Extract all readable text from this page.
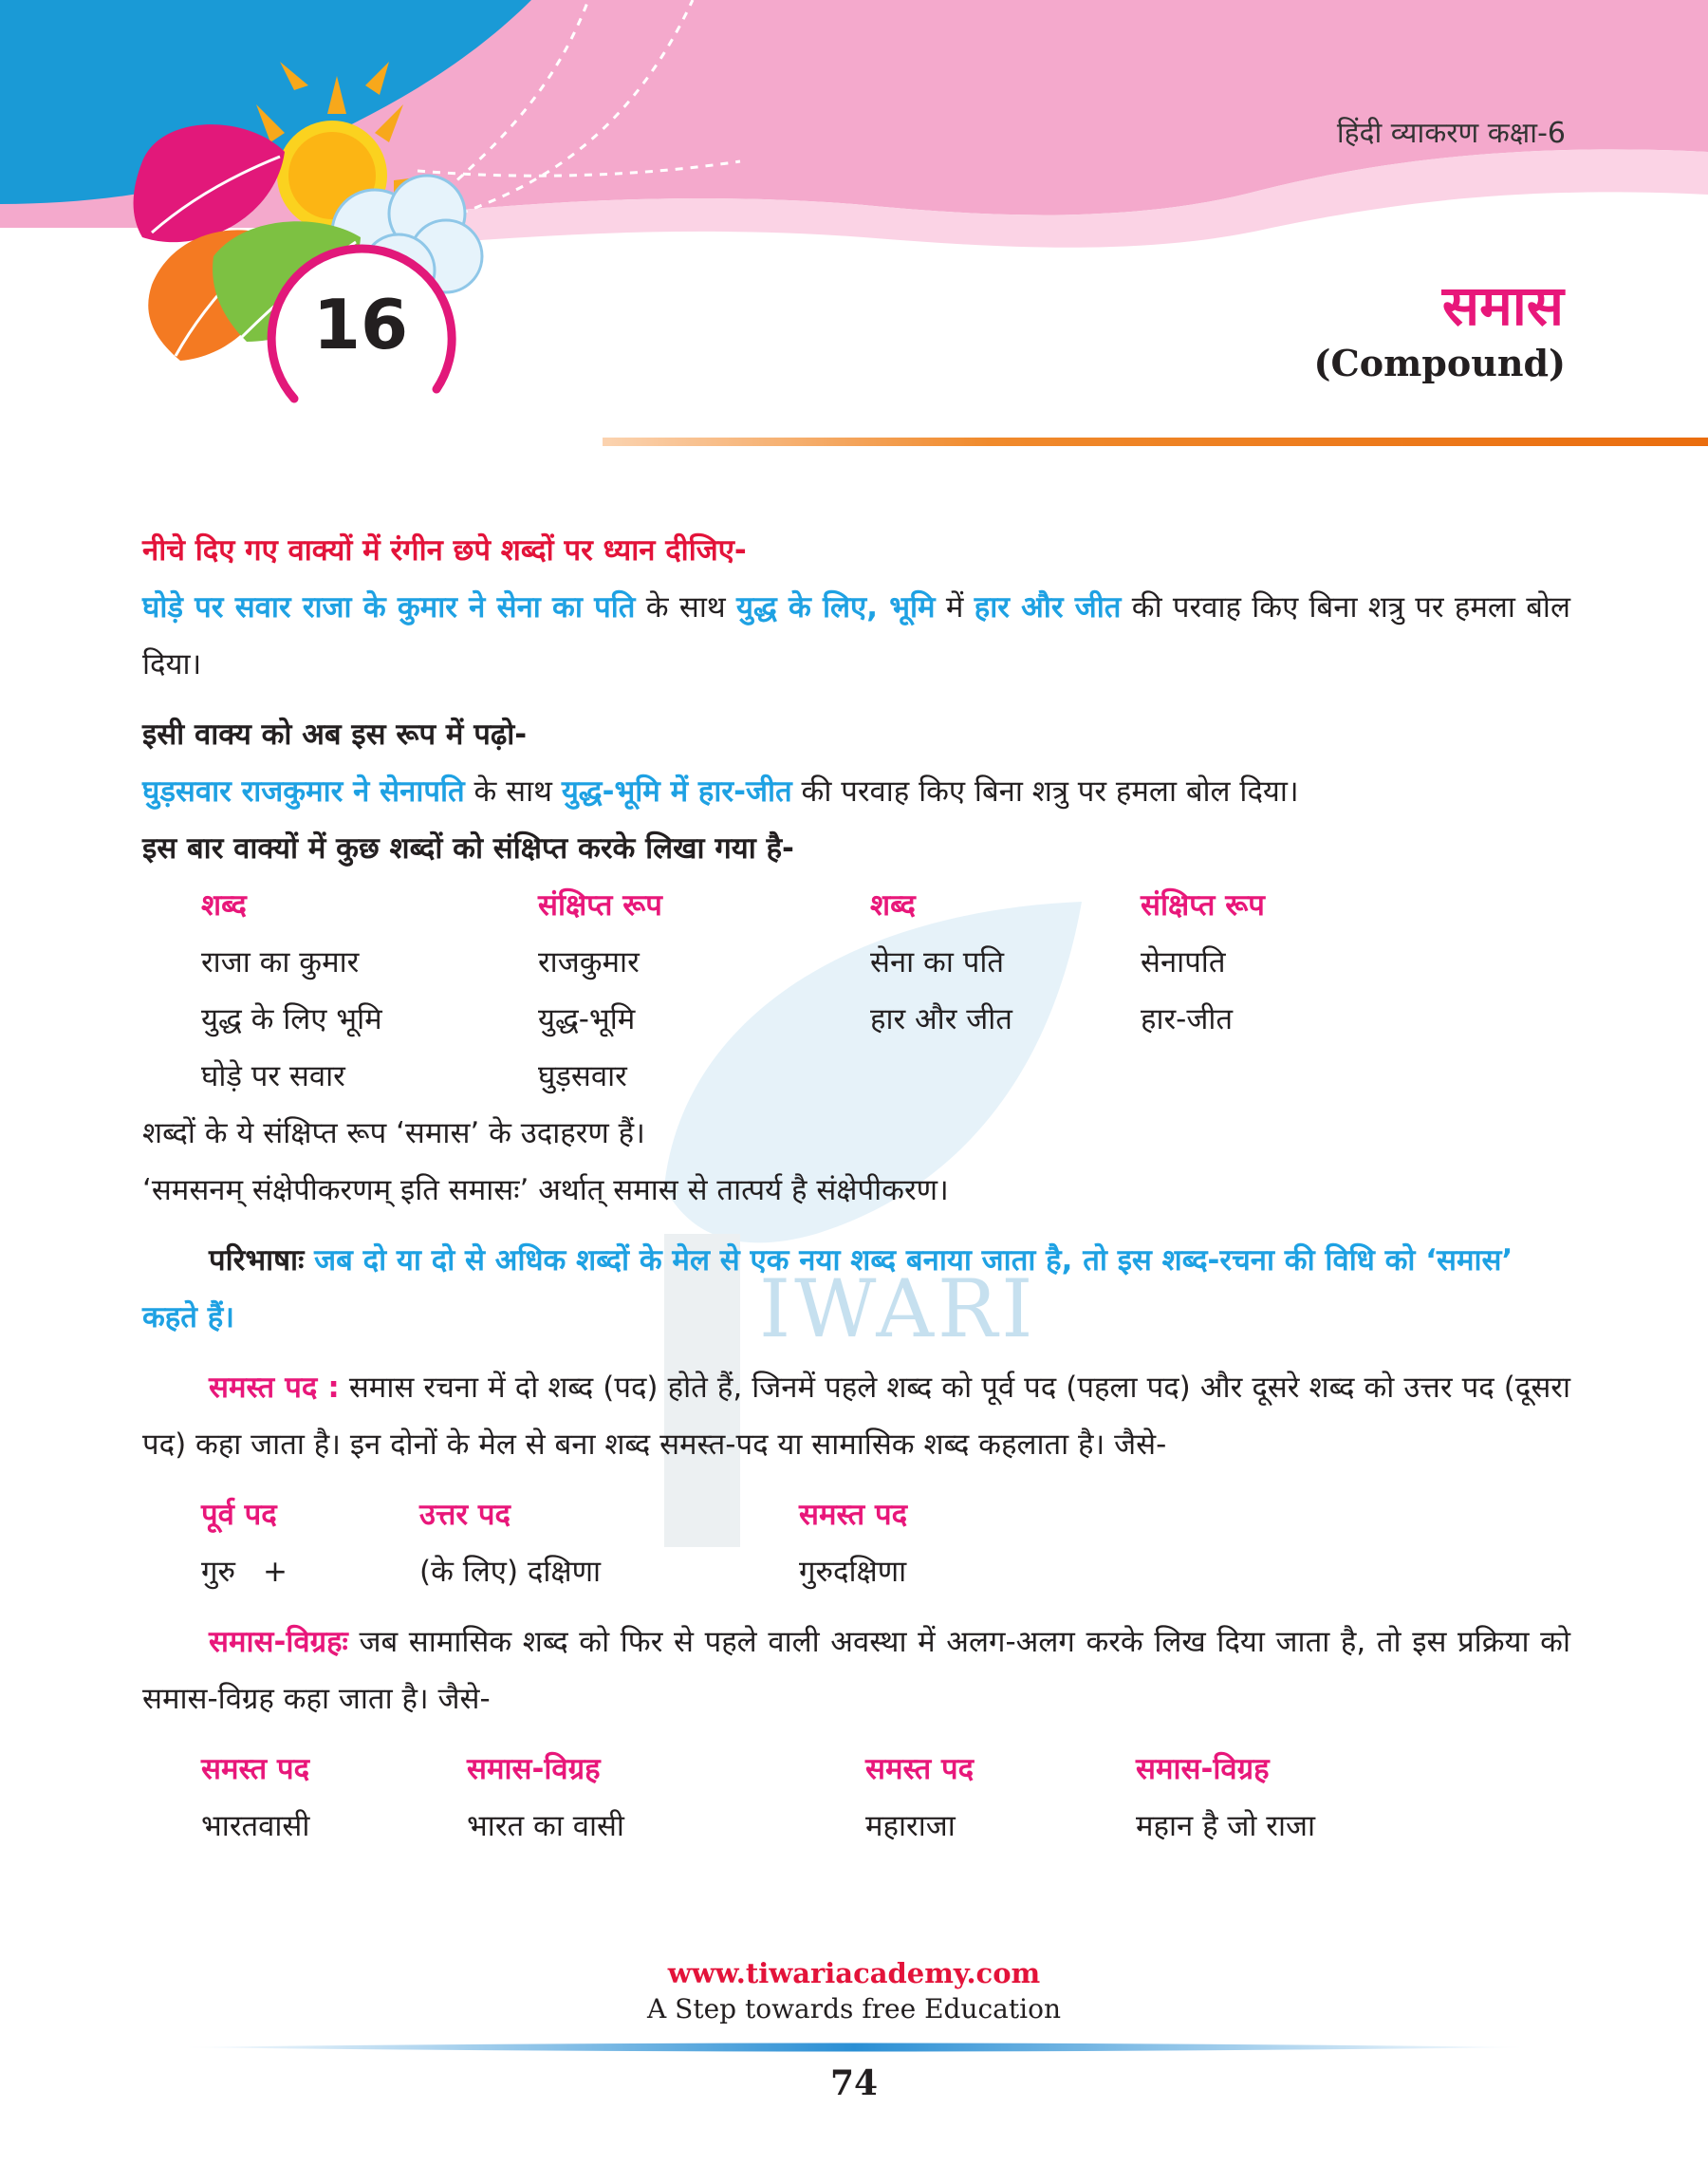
हिंदी व्याकरण कक्षा-6
16	समास
(Compound)
IWARI

नीचे दिए गए वाक्यों में रंगीन छपे शब्दों पर ध्यान दीजिए-

घोड़े पर सवार राजा के कुमार ने सेना का पति के साथ युद्ध के लिए, भूमि में हार और जीत की परवाह किए बिना शत्रु पर हमला बोल दिया।

इसी वाक्य को अब इस रूप में पढ़ो-

घुड़सवार राजकुमार ने सेनापति के साथ युद्ध-भूमि में हार-जीत की परवाह किए बिना शत्रु पर हमला बोल दिया।

इस बार वाक्यों में कुछ शब्दों को संक्षिप्त करके लिखा गया है-

शब्द	संक्षिप्त रूप	शब्द	संक्षिप्त रूप
राजा का कुमार	राजकुमार	सेना का पति	सेनापति
युद्ध के लिए भूमि	युद्ध-भूमि	हार और जीत	हार-जीत
घोड़े पर सवार	घुड़सवार

शब्दों के ये संक्षिप्त रूप ‘समास’ के उदाहरण हैं।

‘समसनम् संक्षेपीकरणम् इति समासः’ अर्थात् समास से तात्पर्य है संक्षेपीकरण।

परिभाषाः जब दो या दो से अधिक शब्दों के मेल से एक नया शब्द बनाया जाता है, तो इस शब्द-रचना की विधि को ‘समास’ कहते हैं।

समस्त पद : समास रचना में दो शब्द (पद) होते हैं, जिनमें पहले शब्द को पूर्व पद (पहला पद) और दूसरे शब्द को उत्तर पद (दूसरा पद) कहा जाता है। इन दोनों के मेल से बना शब्द समस्त-पद या सामासिक शब्द कहलाता है। जैसे-

पूर्व पद	उत्तर पद	समस्त पद
गुरु +	(के लिए) दक्षिणा	गुरुदक्षिणा

समास-विग्रहः जब सामासिक शब्द को फिर से पहले वाली अवस्था में अलग-अलग करके लिख दिया जाता है, तो इस प्रक्रिया को समास-विग्रह कहा जाता है। जैसे-

समस्त पद	समास-विग्रह	समस्त पद	समास-विग्रह
भारतवासी	भारत का वासी	महाराजा	महान है जो राजा
www.tiwariacademy.com
A Step towards free Education
74
